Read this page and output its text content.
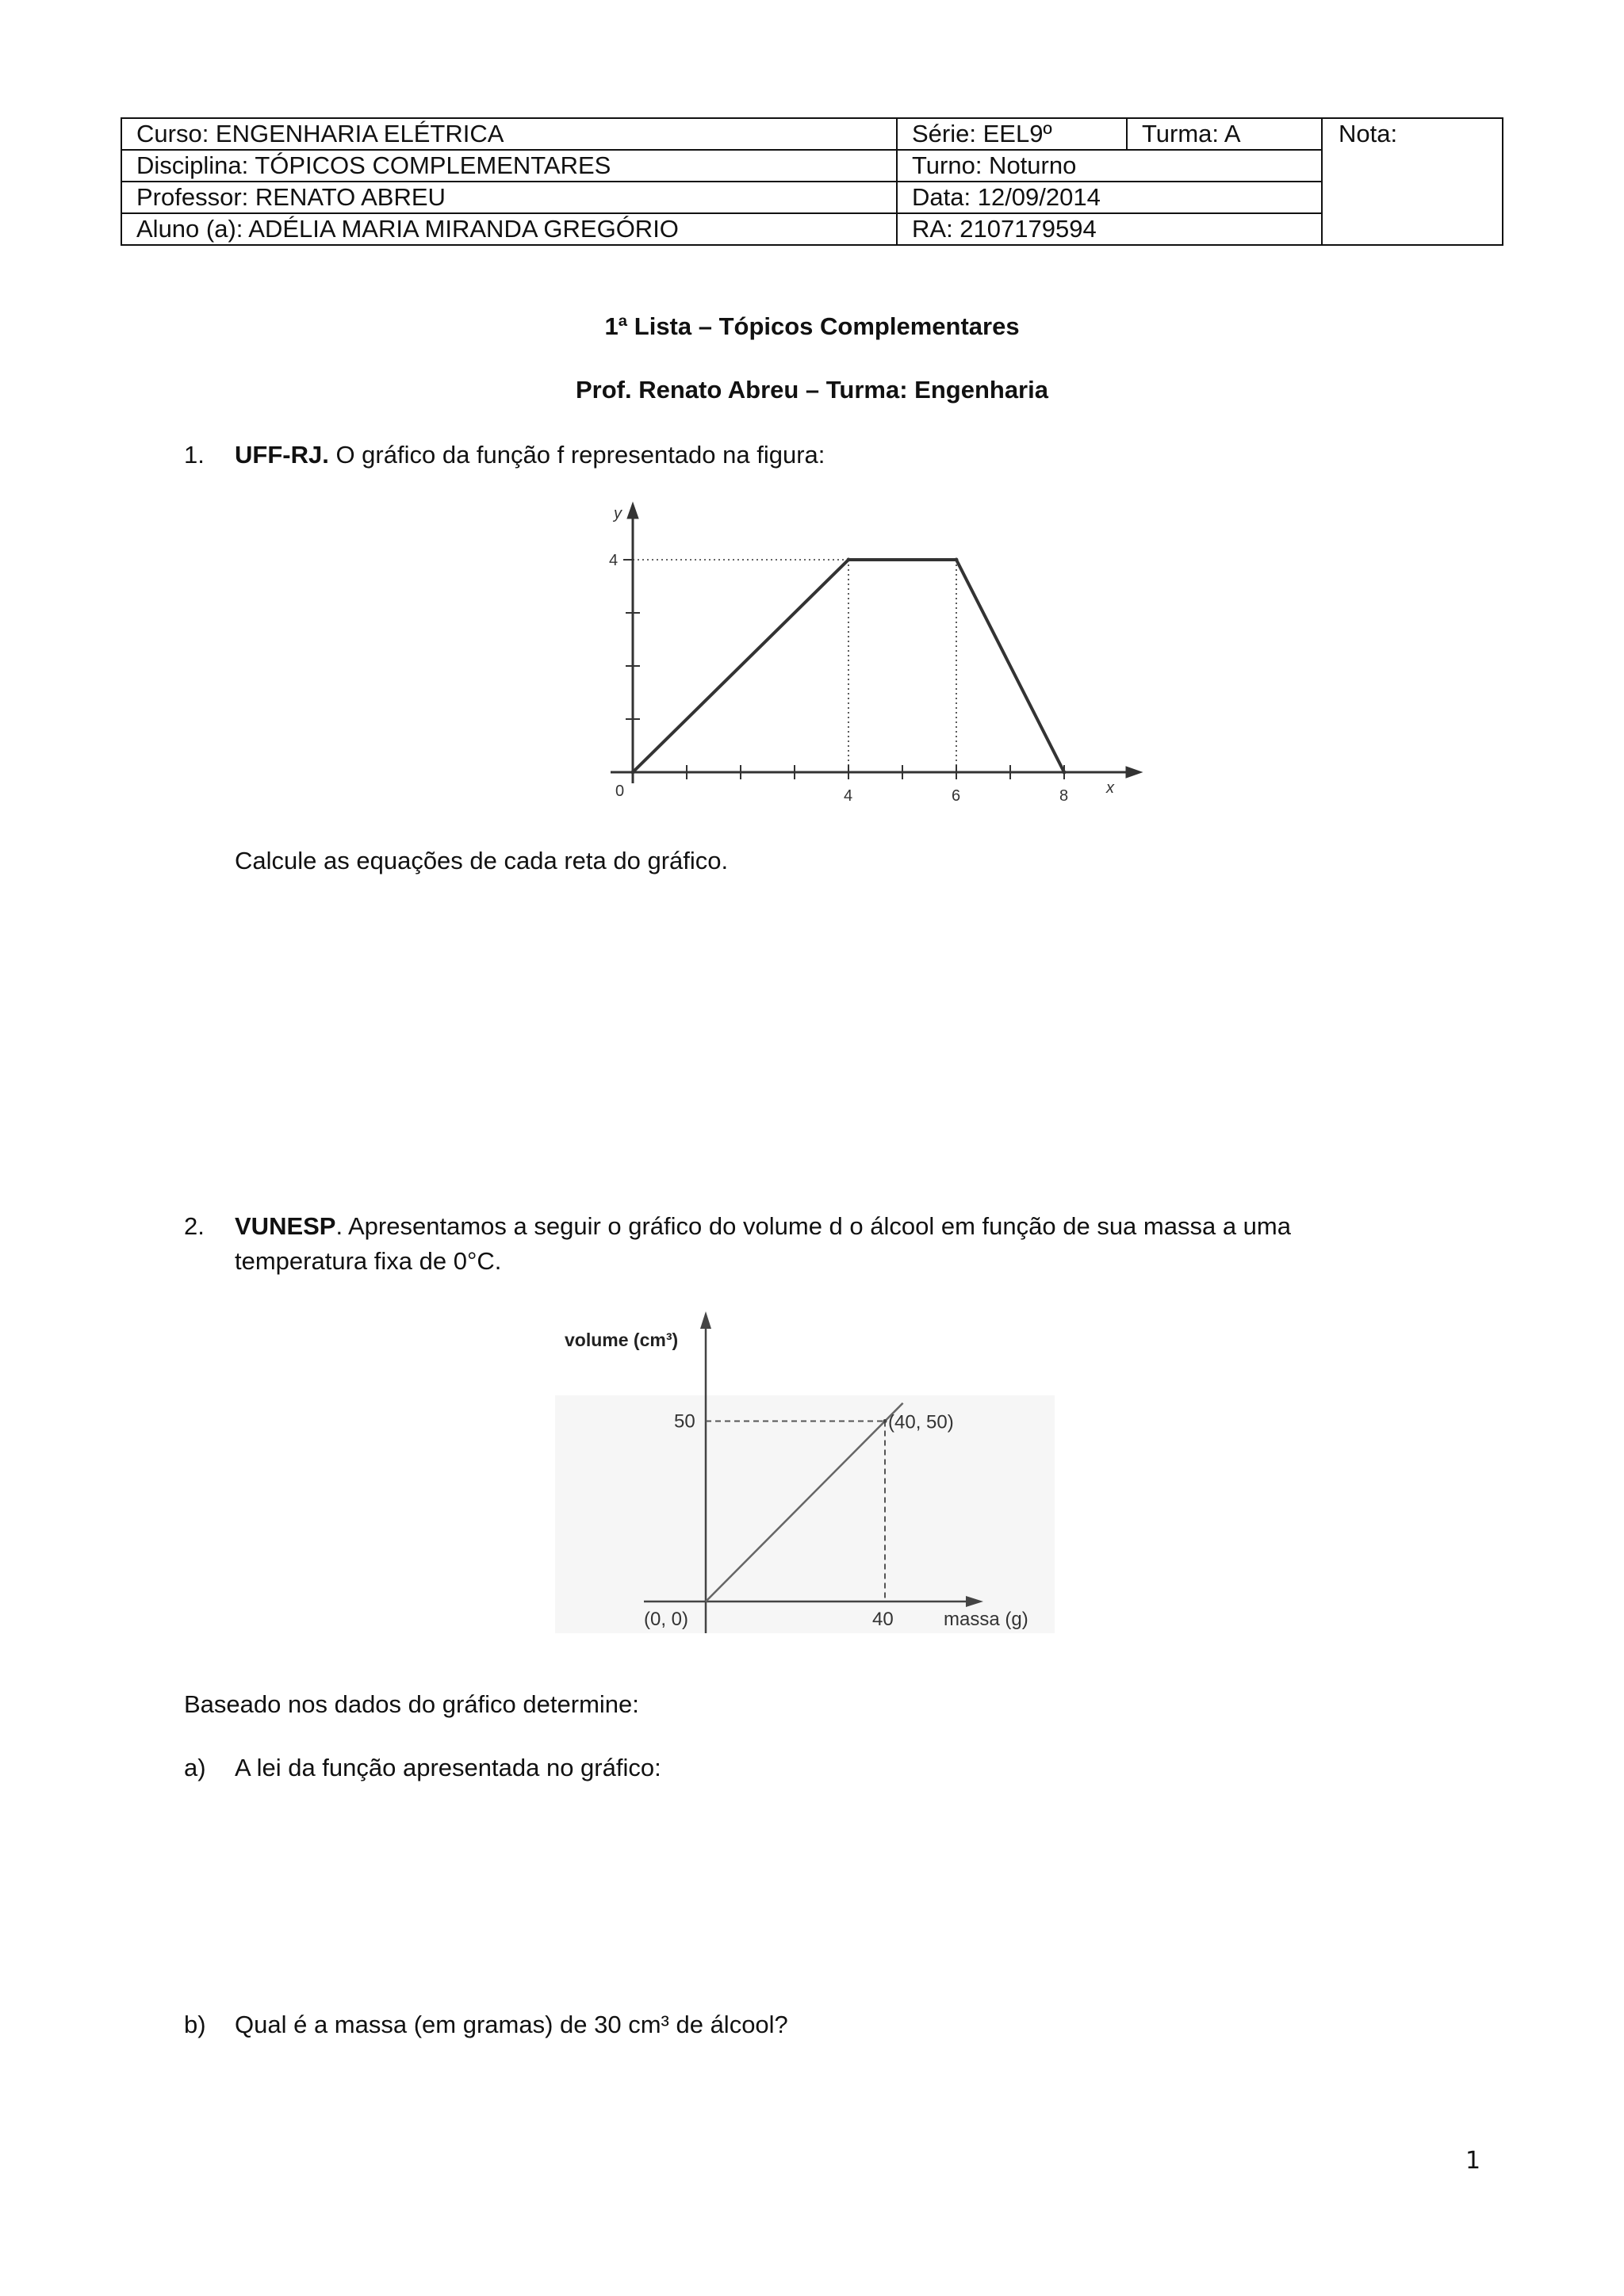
Curso: ENGENHARIA ELÉTRICA	Série: EEL9º	Turma: A	Nota:
Disciplina: TÓPICOS COMPLEMENTARES	Turno: Noturno		
Professor: RENATO ABREU	Data: 12/09/2014		
Aluno (a): ADÉLIA MARIA MIRANDA GREGÓRIO	RA: 2107179594		
1ª Lista – Tópicos Complementares
Prof. Renato Abreu – Turma: Engenharia
1. UFF-RJ. O gráfico da função f representado na figura:
0	4	6	8
4
y
x
Calcule as equações de cada reta do gráfico.
2. VUNESP. Apresentamos a seguir o gráfico do volume d o álcool em função de sua massa a uma
temperatura fixa de 0°C.
volume (cm³)
50	(40, 50)
(0, 0)	40	massa (g)
Baseado nos dados do gráfico determine:
a) A lei da função apresentada no gráfico:
b) Qual é a massa (em gramas) de 30 cm³ de álcool?
1
